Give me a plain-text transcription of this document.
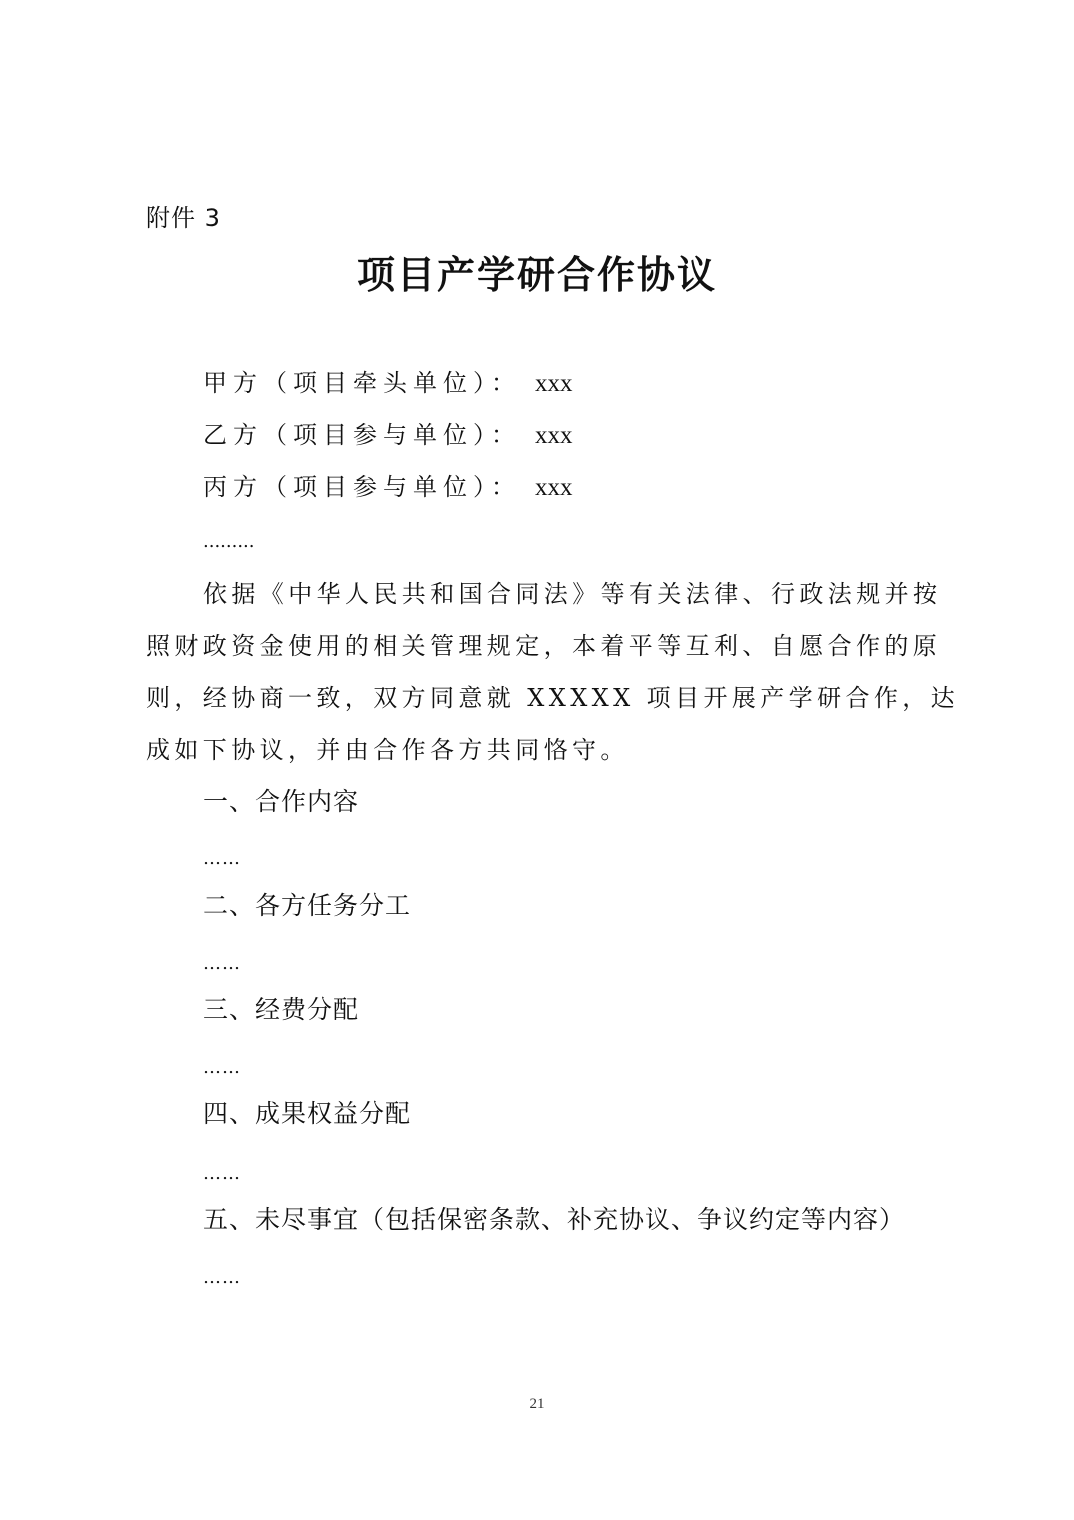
附件 3
项目产学研合作协议
甲方（项目牵头单位）： xxx
乙方（项目参与单位）： xxx
丙方（项目参与单位）： xxx
.........
依据《中华人民共和国合同法》等有关法律、行政法规并按
照财政资金使用的相关管理规定，本着平等互利、自愿合作的原
则，经协商一致，双方同意就 XXXXX 项目开展产学研合作，达
成如下协议，并由合作各方共同恪守。
一、合作内容
……
二、各方任务分工
……
三、经费分配
……
四、成果权益分配
……
五、未尽事宜（包括保密条款、补充协议、争议约定等内容）
……
21
